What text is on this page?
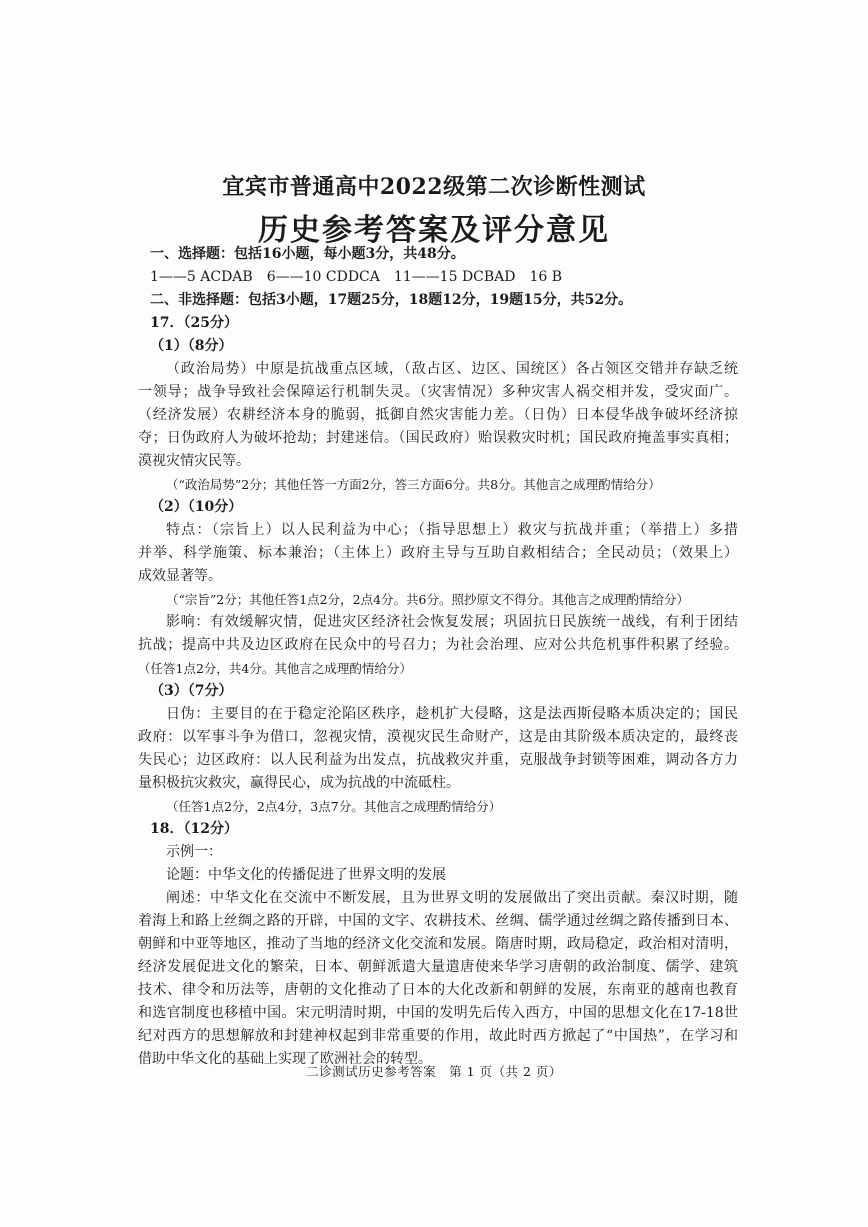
宜宾市普通高中2022级第二次诊断性测试
历史参考答案及评分意见
一、选择题：包括16小题，每小题3分，共48分。
1——5 ACDAB　6——10 CDDCA　11——15 DCBAD　16 B
二、非选择题：包括3小题，17题25分，18题12分，19题15分，共52分。
17．（25分）
（1）（8分）
（政治局势）中原是抗战重点区域，（敌占区、边区、国统区）各占领区交错并存缺乏统
一领导；战争导致社会保障运行机制失灵。（灾害情况）多种灾害人祸交相并发，受灾面广。
（经济发展）农耕经济本身的脆弱，抵御自然灾害能力差。（日伪）日本侵华战争破坏经济掠
夺；日伪政府人为破坏抢劫；封建迷信。（国民政府）贻误救灾时机；国民政府掩盖事实真相；
漠视灾情灾民等。
（“政治局势”2分；其他任答一方面2分，答三方面6分。共8分。其他言之成理酌情给分）
（2）（10分）
特点：（宗旨上）以人民利益为中心；（指导思想上）救灾与抗战并重；（举措上）多措
并举、科学施策、标本兼治；（主体上）政府主导与互助自救相结合；全民动员；（效果上）
成效显著等。
（“宗旨”2分；其他任答1点2分，2点4分。共6分。照抄原文不得分。其他言之成理酌情给分）
影响：有效缓解灾情，促进灾区经济社会恢复发展；巩固抗日民族统一战线，有利于团结
抗战；提高中共及边区政府在民众中的号召力；为社会治理、应对公共危机事件积累了经验。
（任答1点2分，共4分。其他言之成理酌情给分）
（3）（7分）
日伪：主要目的在于稳定沦陷区秩序，趁机扩大侵略，这是法西斯侵略本质决定的；国民
政府：以军事斗争为借口，忽视灾情，漠视灾民生命财产，这是由其阶级本质决定的，最终丧
失民心；边区政府：以人民利益为出发点，抗战救灾并重，克服战争封锁等困难，调动各方力
量积极抗灾救灾，赢得民心，成为抗战的中流砥柱。
（任答1点2分，2点4分，3点7分。其他言之成理酌情给分）
18．（12分）
示例一：
论题：中华文化的传播促进了世界文明的发展
阐述：中华文化在交流中不断发展，且为世界文明的发展做出了突出贡献。秦汉时期，随
着海上和路上丝绸之路的开辟，中国的文字、农耕技术、丝绸、儒学通过丝绸之路传播到日本、
朝鲜和中亚等地区，推动了当地的经济文化交流和发展。隋唐时期，政局稳定，政治相对清明，
经济发展促进文化的繁荣，日本、朝鲜派遣大量遣唐使来华学习唐朝的政治制度、儒学、建筑
技术、律令和历法等，唐朝的文化推动了日本的大化改新和朝鲜的发展，东南亚的越南也教育
和选官制度也移植中国。宋元明清时期，中国的发明先后传入西方，中国的思想文化在17-18世
纪对西方的思想解放和封建神权起到非常重要的作用，故此时西方掀起了“中国热”，在学习和
借助中华文化的基础上实现了欧洲社会的转型。
二诊测试历史参考答案　第 1 页（共 2 页）
